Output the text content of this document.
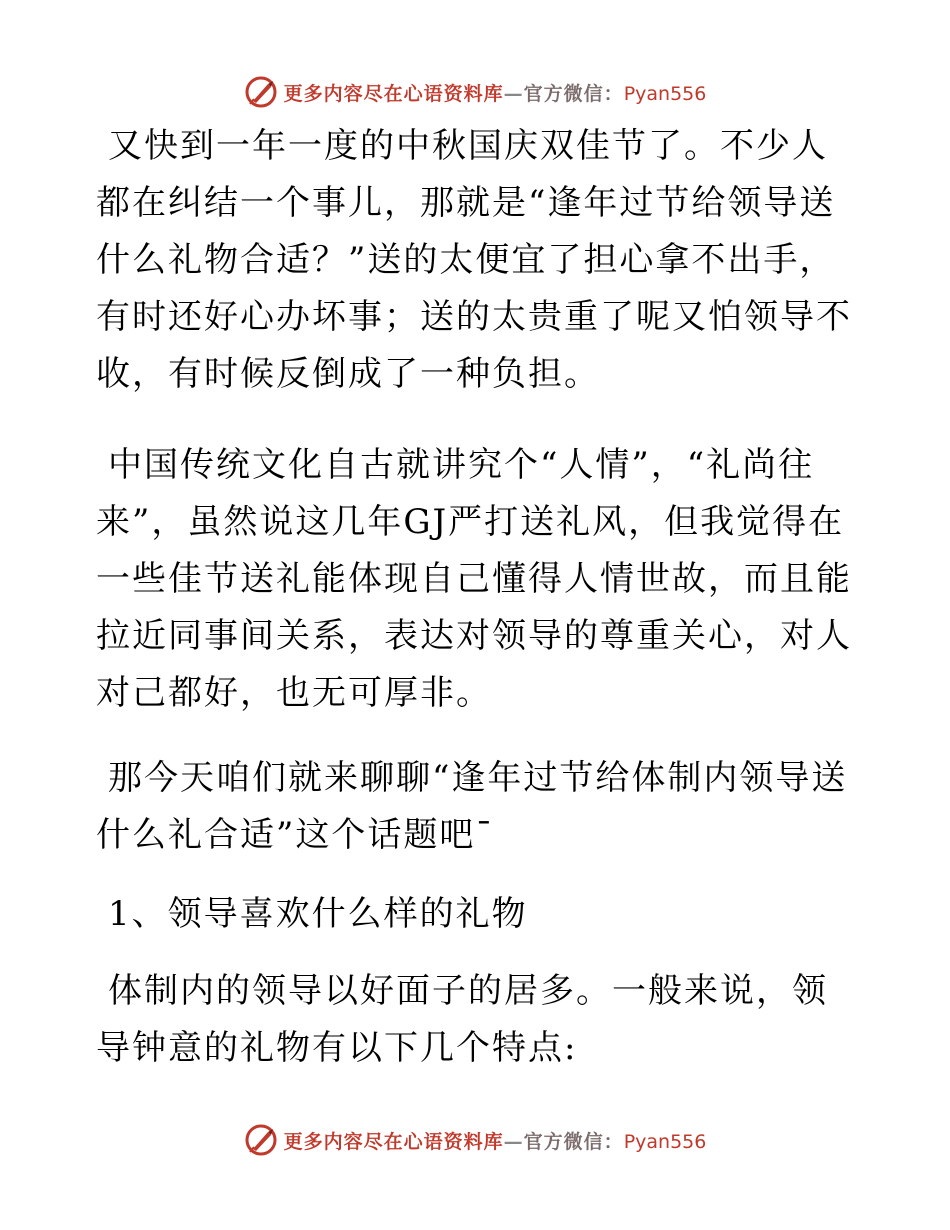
更多内容尽在心语资料库—官方微信：Pyan556

又快到一年一度的中秋国庆双佳节了。不少人都在纠结一个事儿，那就是“逢年过节给领导送什么礼物合适？”送的太便宜了担心拿不出手，有时还好心办坏事；送的太贵重了呢又怕领导不收，有时候反倒成了一种负担。

中国传统文化自古就讲究个“人情”，“礼尚往来”，虽然说这几年GJ严打送礼风，但我觉得在一些佳节送礼能体现自己懂得人情世故，而且能拉近同事间关系，表达对领导的尊重关心，对人对己都好，也无可厚非。

那今天咱们就来聊聊“逢年过节给体制内领导送什么礼合适”这个话题吧¯

1、领导喜欢什么样的礼物

体制内的领导以好面子的居多。一般来说，领导钟意的礼物有以下几个特点:

更多内容尽在心语资料库—官方微信：Pyan556
